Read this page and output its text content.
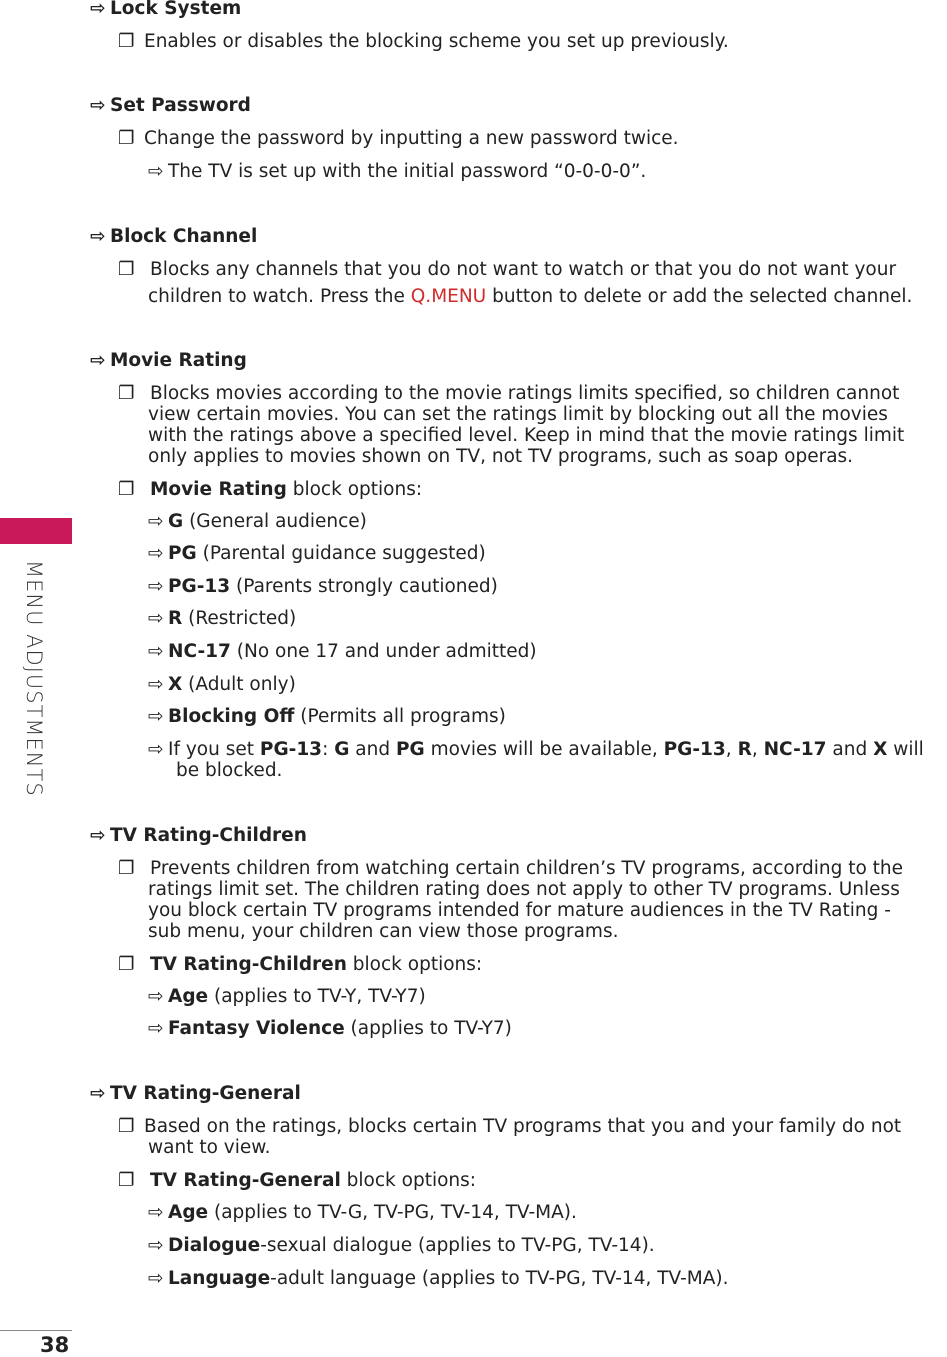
MENU ADJUSTMENTS
38
⇨ Lock System
❐ Enables or disables the blocking scheme you set up previously.
⇨ Set Password
❐ Change the password by inputting a new password twice.
⇨ The TV is set up with the initial password “0-0-0-0”.
⇨ Block Channel
❐ Blocks any channels that you do not want to watch or that you do not want your
children to watch. Press the Q.MENU button to delete or add the selected channel.
⇨ Movie Rating
❐ Blocks movies according to the movie ratings limits specified, so children cannot
view certain movies. You can set the ratings limit by blocking out all the movies
with the ratings above a specified level. Keep in mind that the movie ratings limit
only applies to movies shown on TV, not TV programs, such as soap operas.
❐ Movie Rating block options:
⇨ G (General audience)
⇨ PG (Parental guidance suggested)
⇨ PG-13 (Parents strongly cautioned)
⇨ R (Restricted)
⇨ NC-17 (No one 17 and under admitted)
⇨ X (Adult only)
⇨ Blocking Off (Permits all programs)
⇨ If you set PG-13: G and PG movies will be available, PG-13, R, NC-17 and X will
be blocked.
⇨ TV Rating-Children
❐ Prevents children from watching certain children’s TV programs, according to the
ratings limit set. The children rating does not apply to other TV programs. Unless
you block certain TV programs intended for mature audiences in the TV Rating -
sub menu, your children can view those programs.
❐ TV Rating-Children block options:
⇨ Age (applies to TV-Y, TV-Y7)
⇨ Fantasy Violence (applies to TV-Y7)
⇨ TV Rating-General
❐ Based on the ratings, blocks certain TV programs that you and your family do not
want to view.
❐ TV Rating-General block options:
⇨ Age (applies to TV-G, TV-PG, TV-14, TV-MA).
⇨ Dialogue-sexual dialogue (applies to TV-PG, TV-14).
⇨ Language-adult language (applies to TV-PG, TV-14, TV-MA).
